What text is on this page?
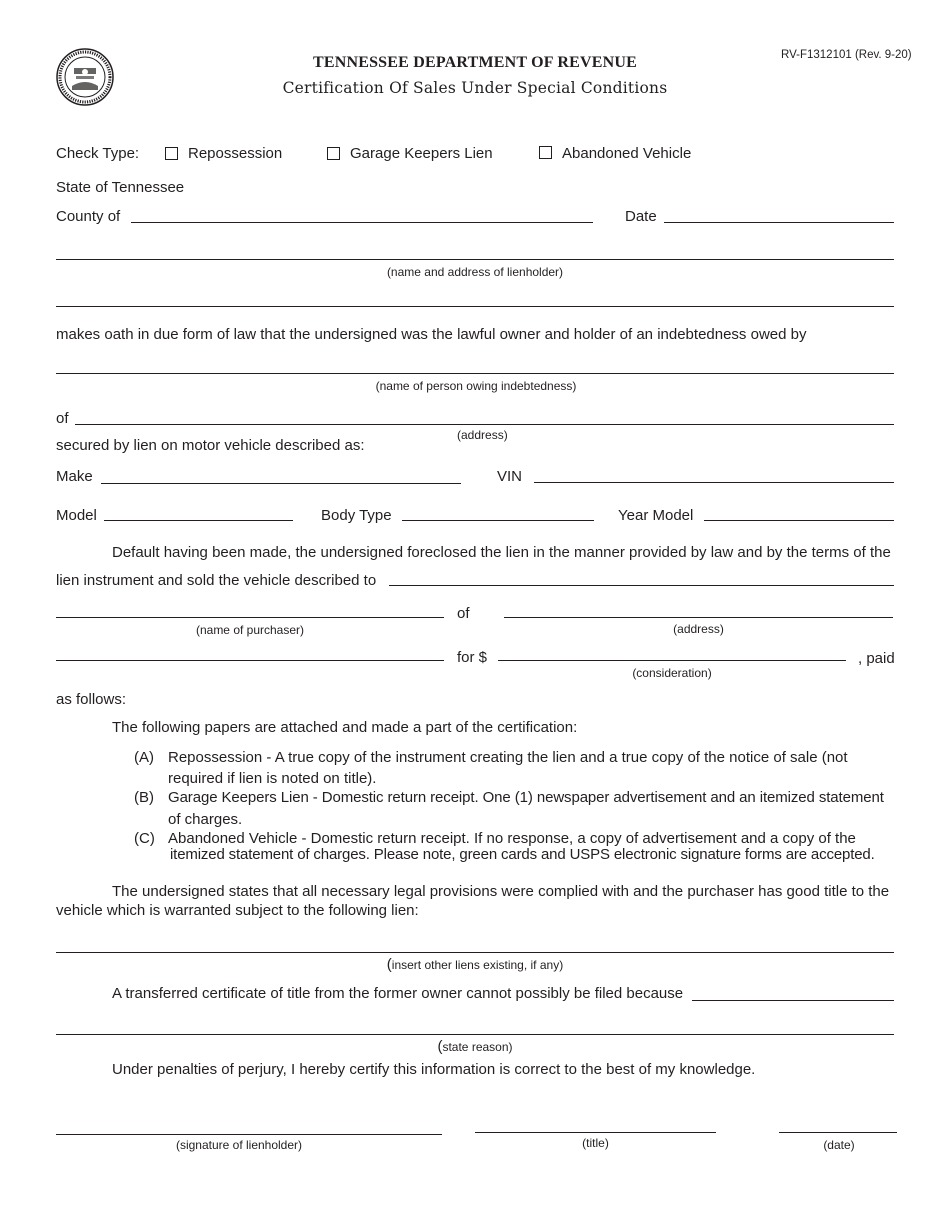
RV-F1312101 (Rev. 9-20)
TENNESSEE DEPARTMENT OF REVENUE
Certification Of Sales Under Special Conditions
Check Type:	Repossession	Garage Keepers Lien	Abandoned Vehicle
State of Tennessee
County of	Date
(name and address of lienholder)
makes oath in due form of law that the undersigned was the lawful owner and holder of an indebtedness owed by
(name of person owing indebtedness)
of
(address)
secured by lien on motor vehicle described as:
Make	VIN
Model	Body Type	Year Model
Default having been made, the undersigned foreclosed the lien in the manner provided by law and by the terms of the
lien instrument and sold the vehicle described to
of
(name of purchaser)	(address)
for $	, paid
(consideration)
as follows:
The following papers are attached and made a part of the certification:
(A) Repossession - A true copy of the instrument creating the lien and a true copy of the notice of sale (not
required if lien is noted on title).
(B) Garage Keepers Lien - Domestic return receipt. One (1) newspaper advertisement and an itemized statement
of charges.
(C) Abandoned Vehicle - Domestic return receipt. If no response, a copy of advertisement and a copy of the
itemized statement of charges. Please note, green cards and USPS electronic signature forms are accepted.
The undersigned states that all necessary legal provisions were complied with and the purchaser has good title to the
vehicle which is warranted subject to the following lien:
(insert other liens existing, if any)
A transferred certificate of title from the former owner cannot possibly be filed because
(state reason)
Under penalties of perjury, I hereby certify this information is correct to the best of my knowledge.
(signature of lienholder)	(title)	(date)
